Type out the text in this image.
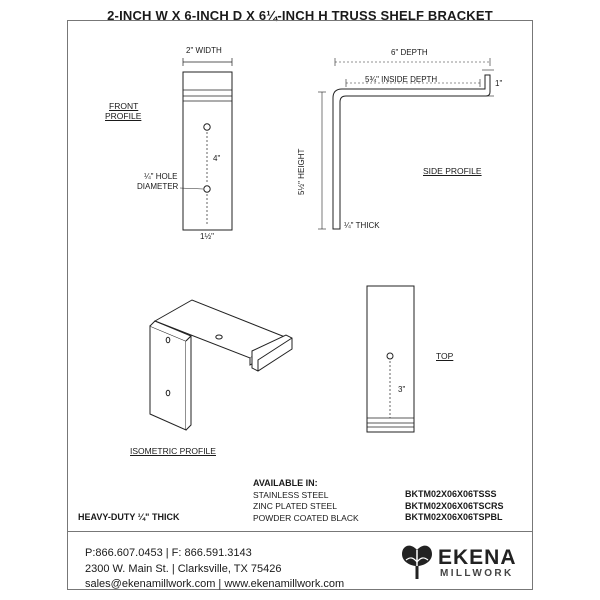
2-INCH W X 6-INCH D X 6¼-INCH H TRUSS SHELF BRACKET
FRONT
PROFILE
2" WIDTH
4"
¼" HOLE
DIAMETER
1½"
6" DEPTH
5¾" INSIDE DEPTH	1"
5½" HEIGHT
¼" THICK
SIDE PROFILE
ISOMETRIC PROFILE
TOP
3"
AVAILABLE IN:
STAINLESS STEEL
ZINC PLATED STEEL
POWDER COATED BLACK
BKTM02X06X06TSSS
BKTM02X06X06TSCRS
BKTM02X06X06TSPBL
HEAVY-DUTY ¼" THICK
P:866.607.0453 | F: 866.591.3143
2300 W. Main St. | Clarksville, TX 75426
sales@ekenamillwork.com | www.ekenamillwork.com
EKENA
MILLWORK
